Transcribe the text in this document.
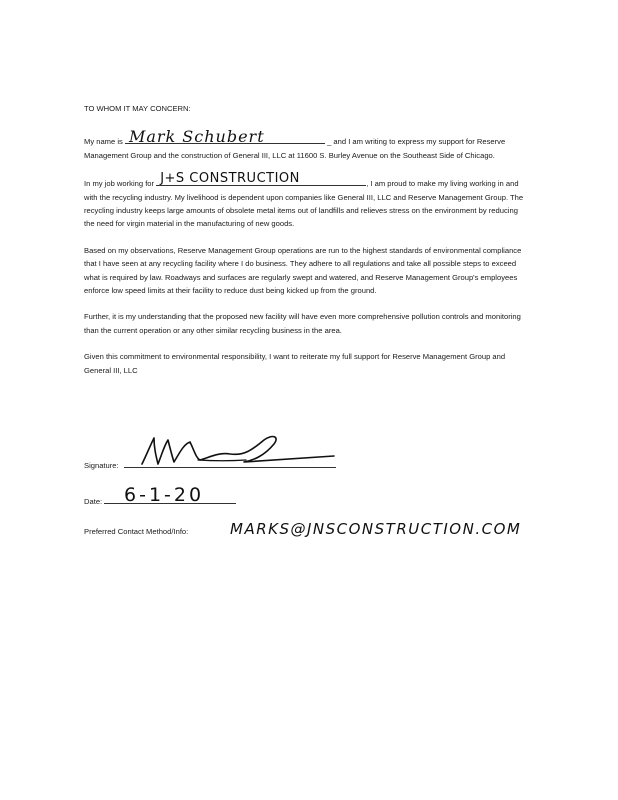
TO WHOM IT MAY CONCERN:

My name is Mark Schubert	_ and I am writing to express my support for Reserve Management Group and the construction of General III, LLC at 11600 S. Burley Avenue on the Southeast Side of Chicago.

In my job working for J+S CONSTRUCTION	, I am proud to make my living working in and with the recycling industry. My livelihood is dependent upon companies like General III, LLC and Reserve Management Group. The recycling industry keeps large amounts of obsolete metal items out of landfills and relieves stress on the environment by reducing the need for virgin material in the manufacturing of new goods.

Based on my observations, Reserve Management Group operations are run to the highest standards of environmental compliance that I have seen at any recycling facility where I do business. They adhere to all regulations and take all possible steps to exceed what is required by law. Roadways and surfaces are regularly swept and watered, and Reserve Management Group's employees enforce low speed limits at their facility to reduce dust being kicked up from the ground.

Further, it is my understanding that the proposed new facility will have even more comprehensive pollution controls and monitoring than the current operation or any other similar recycling business in the area.

Given this commitment to environmental responsibility, I want to reiterate my full support for Reserve Management Group and General III, LLC

Signature:
Date: 6-1-20
Preferred Contact Method/Info:	MARKS@JNSCONSTRUCTION.COM
